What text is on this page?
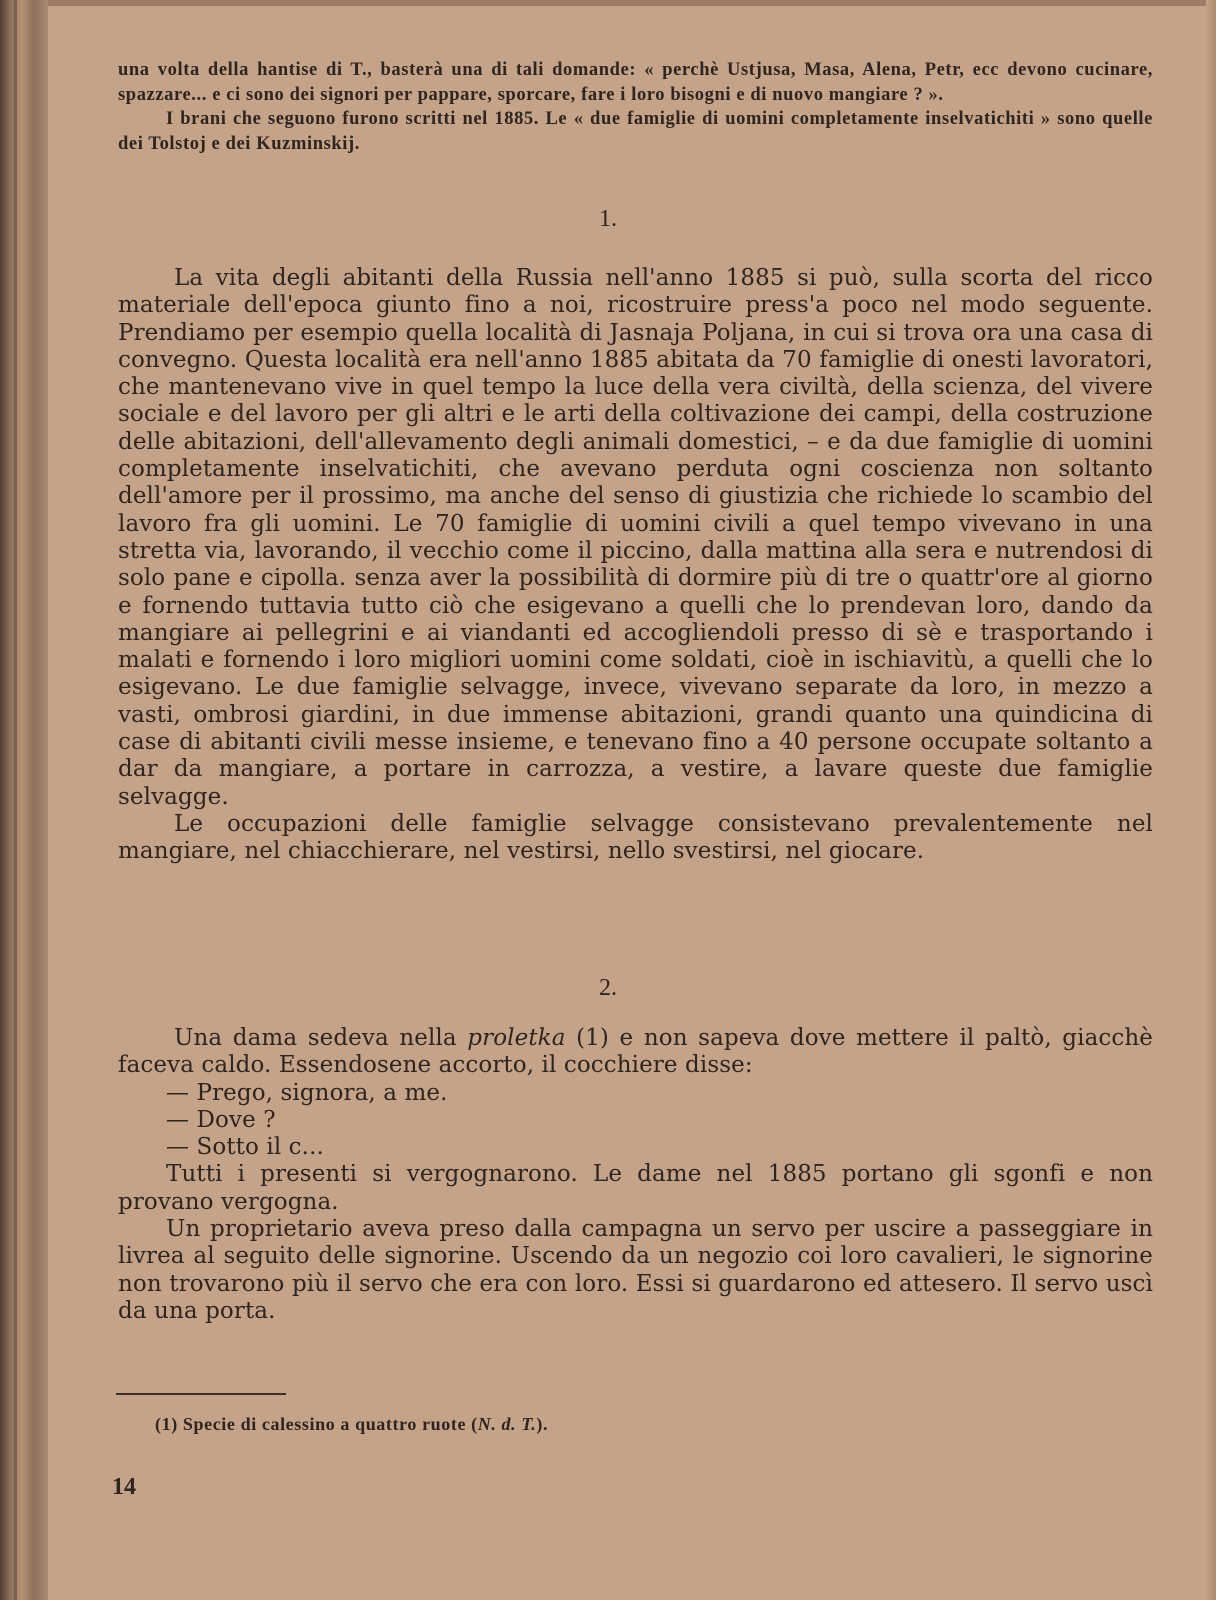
una volta della hantise di T., basterà una di tali domande: « perchè Ustjusa, Masa, Alena, Petr, ecc devono cucinare, spazzare... e ci sono dei signori per pappare, sporcare, fare i loro bisogni e di nuovo mangiare ? ».

I brani che seguono furono scritti nel 1885. Le « due famiglie di uomini completamente inselvatichiti » sono quelle dei Tolstoj e dei Kuzminskij.

1.

La vita degli abitanti della Russia nell'anno 1885 si può, sulla scorta del ricco materiale dell'epoca giunto fino a noi, ricostruire press'a poco nel modo seguente. Prendiamo per esempio quella località di Jasnaja Poljana, in cui si trova ora una casa di convegno. Questa località era nell'anno 1885 abitata da 70 famiglie di onesti lavoratori, che mantenevano vive in quel tempo la luce della vera civiltà, della scienza, del vivere sociale e del lavoro per gli altri e le arti della coltivazione dei campi, della costruzione delle abitazioni, dell'allevamento degli animali domestici, – e da due famiglie di uomini completamente inselvatichiti, che avevano perduta ogni coscienza non soltanto dell'amore per il prossimo, ma anche del senso di giustizia che richiede lo scambio del lavoro fra gli uomini. Le 70 famiglie di uomini civili a quel tempo vivevano in una stretta via, lavorando, il vecchio come il piccino, dalla mattina alla sera e nutrendosi di solo pane e cipolla. senza aver la possibilità di dormire più di tre o quattr'ore al giorno e fornendo tuttavia tutto ciò che esigevano a quelli che lo prendevan loro, dando da mangiare ai pellegrini e ai viandanti ed accogliendoli presso di sè e trasportando i malati e fornendo i loro migliori uomini come soldati, cioè in ischiavitù, a quelli che lo esigevano. Le due famiglie selvagge, invece, vivevano separate da loro, in mezzo a vasti, ombrosi giardini, in due immense abitazioni, grandi quanto una quindicina di case di abitanti civili messe insieme, e tenevano fino a 40 persone occupate soltanto a dar da mangiare, a portare in carrozza, a vestire, a lavare queste due famiglie selvagge.

Le occupazioni delle famiglie selvagge consistevano prevalentemente nel mangiare, nel chiacchierare, nel vestirsi, nello svestirsi, nel giocare.

2.

Una dama sedeva nella proletka (1) e non sapeva dove mettere il paltò, giacchè faceva caldo. Essendosene accorto, il cocchiere disse:

— Prego, signora, a me.

— Dove ?

— Sotto il c...

Tutti i presenti si vergognarono. Le dame nel 1885 portano gli sgonfi e non provano vergogna.

Un proprietario aveva preso dalla campagna un servo per uscire a passeggiare in livrea al seguito delle signorine. Uscendo da un negozio coi loro cavalieri, le signorine non trovarono più il servo che era con loro. Essi si guardarono ed attesero. Il servo uscì da una porta.

(1) Specie di calessino a quattro ruote (N. d. T.).
14
